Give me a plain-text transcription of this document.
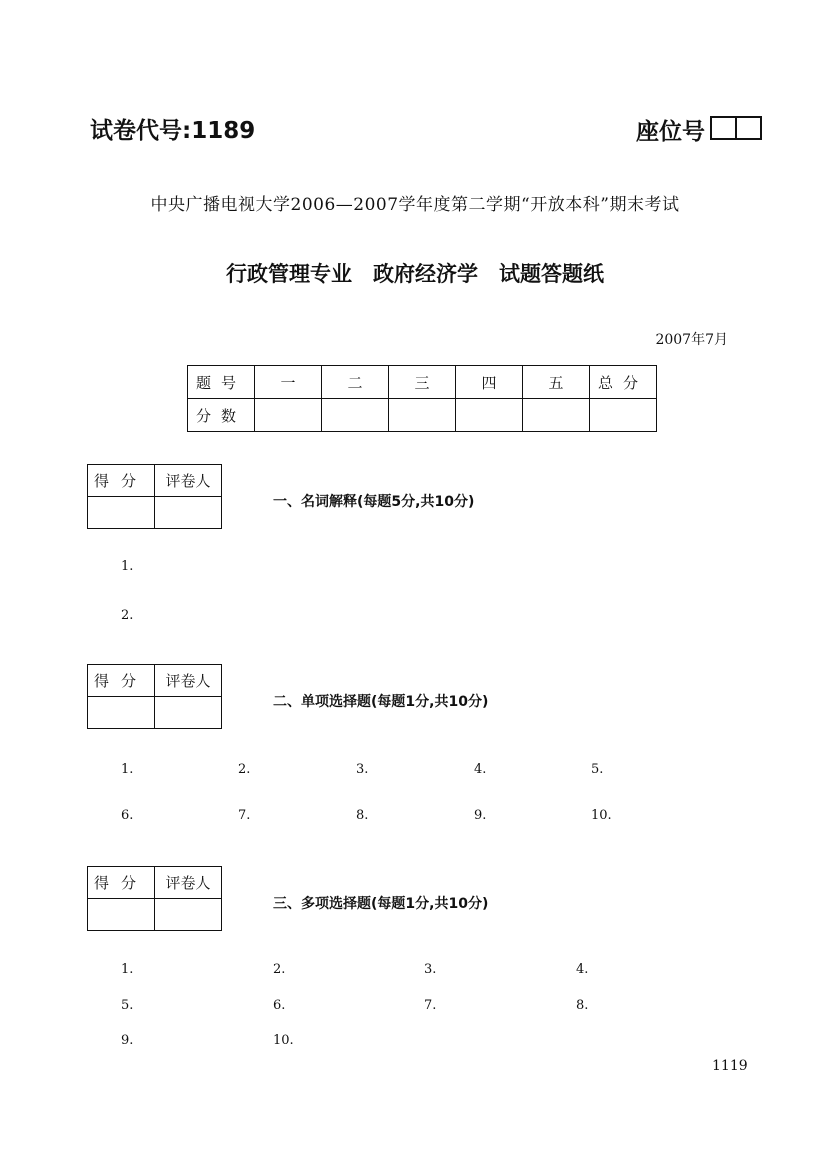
试卷代号:1189	座位号
中央广播电视大学2006—2007学年度第二学期“开放本科”期末考试
行政管理专业　政府经济学　试题答题纸
2007年7月
题号	一	二	三	四	五	总分
分数						
得分	评卷人

一、名词解释(每题5分,共10分)
1.
2.
得分	评卷人

二、单项选择题(每题1分,共10分)
1.	2.	3.	4.	5.
6.	7.	8.	9.	10.
得分	评卷人

三、多项选择题(每题1分,共10分)
1.	2.	3.	4.
5.	6.	7.	8.
9.	10.
1119
